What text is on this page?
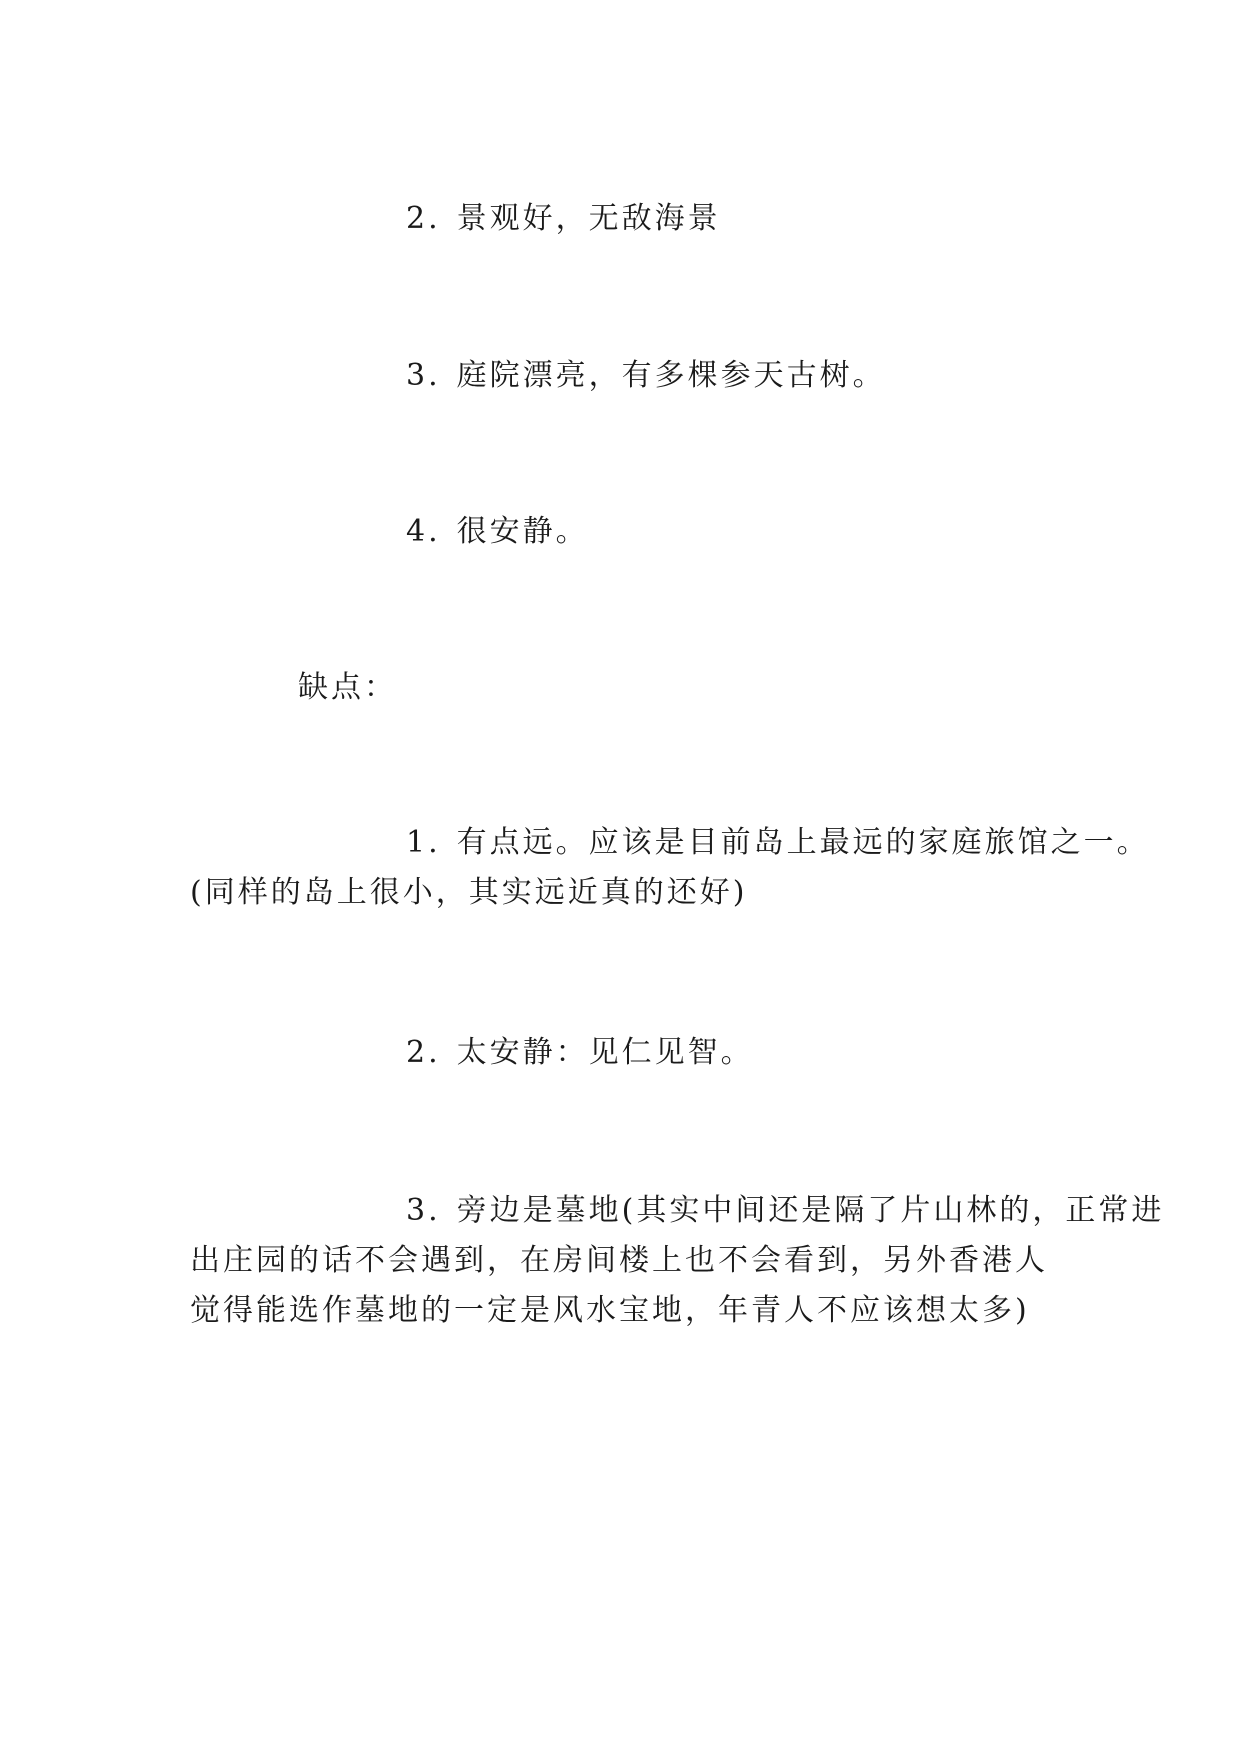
2. 景观好，无敌海景

3. 庭院漂亮，有多棵参天古树。

4. 很安静。

缺点：

1. 有点远。应该是目前岛上最远的家庭旅馆之一。
(同样的岛上很小，其实远近真的还好)
2. 太安静：见仁见智。
3. 旁边是墓地(其实中间还是隔了片山林的，正常进
出庄园的话不会遇到，在房间楼上也不会看到，另外香港人
觉得能选作墓地的一定是风水宝地，年青人不应该想太多)
